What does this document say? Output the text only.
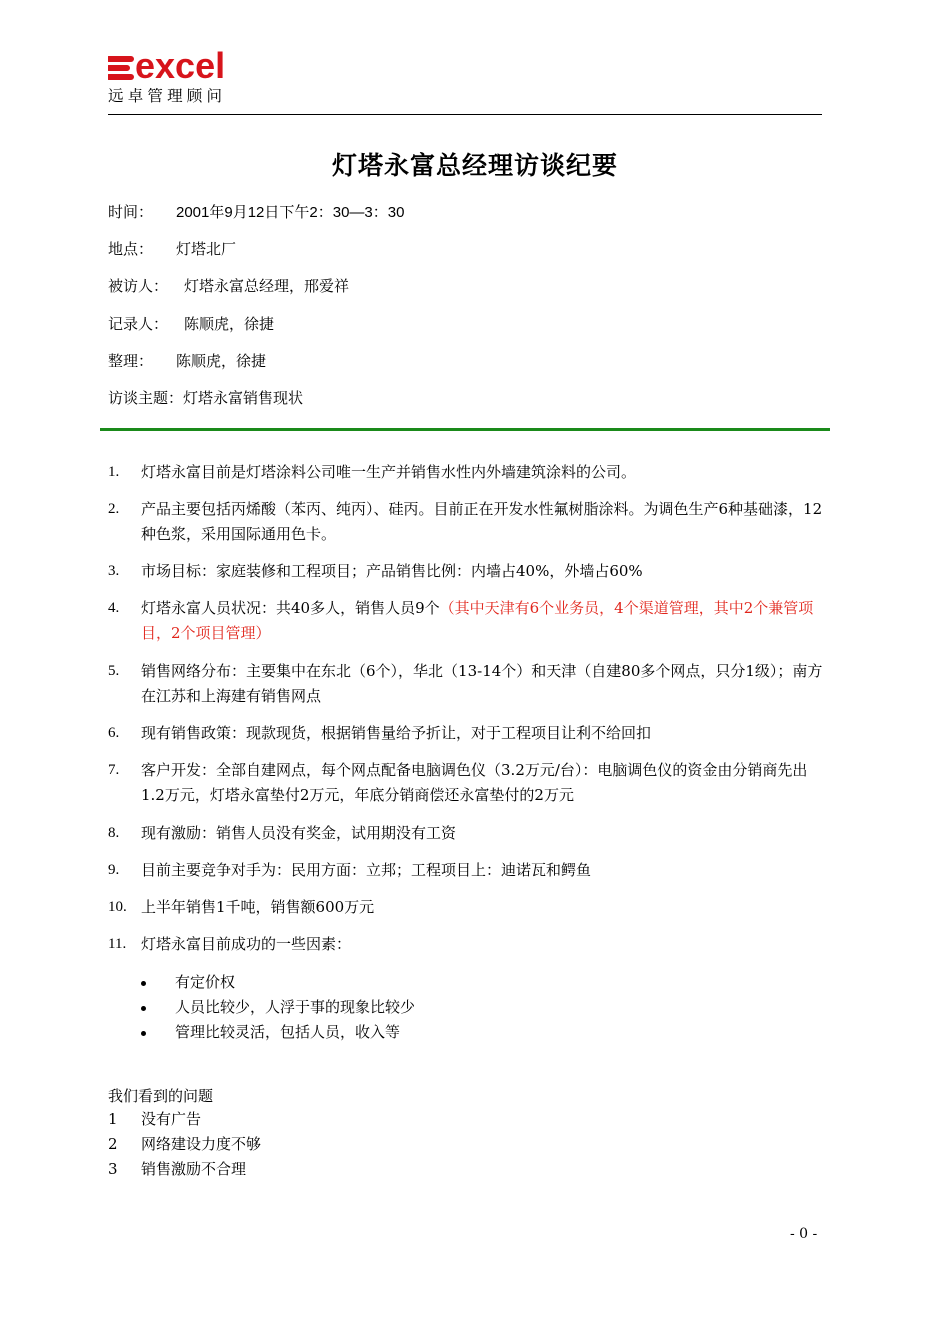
excel
远卓管理顾问
灯塔永富总经理访谈纪要
时间： 2001年9月12日下午2：30—3：30
地点： 灯塔北厂
被访人： 灯塔永富总经理，邢爱祥
记录人： 陈顺虎，徐捷
整理： 陈顺虎，徐捷
访谈主题：灯塔永富销售现状
1. 灯塔永富目前是灯塔涂料公司唯一生产并销售水性内外墙建筑涂料的公司。
2. 产品主要包括丙烯酸（苯丙、纯丙）、硅丙。目前正在开发水性氟树脂涂料。为调色生产6种基础漆，12种色浆，采用国际通用色卡。
3. 市场目标：家庭装修和工程项目；产品销售比例：内墙占40%，外墙占60%
4. 灯塔永富人员状况：共40多人，销售人员9个（其中天津有6个业务员，4个渠道管理，其中2个兼管项目，2个项目管理）
5. 销售网络分布：主要集中在东北（6个），华北（13-14个）和天津（自建80多个网点，只分1级）；南方在江苏和上海建有销售网点
6. 现有销售政策：现款现货，根据销售量给予折让，对于工程项目让利不给回扣
7. 客户开发：全部自建网点，每个网点配备电脑调色仪（3.2万元/台）：电脑调色仪的资金由分销商先出1.2万元，灯塔永富垫付2万元，年底分销商偿还永富垫付的2万元
8. 现有激励：销售人员没有奖金，试用期没有工资
9. 目前主要竞争对手为：民用方面：立邦；工程项目上：迪诺瓦和鳄鱼
10. 上半年销售1千吨，销售额600万元
11. 灯塔永富目前成功的一些因素：
有定价权
人员比较少，人浮于事的现象比较少
管理比较灵活，包括人员，收入等
我们看到的问题
1 没有广告
2 网络建设力度不够
3 销售激励不合理
- 0 -
